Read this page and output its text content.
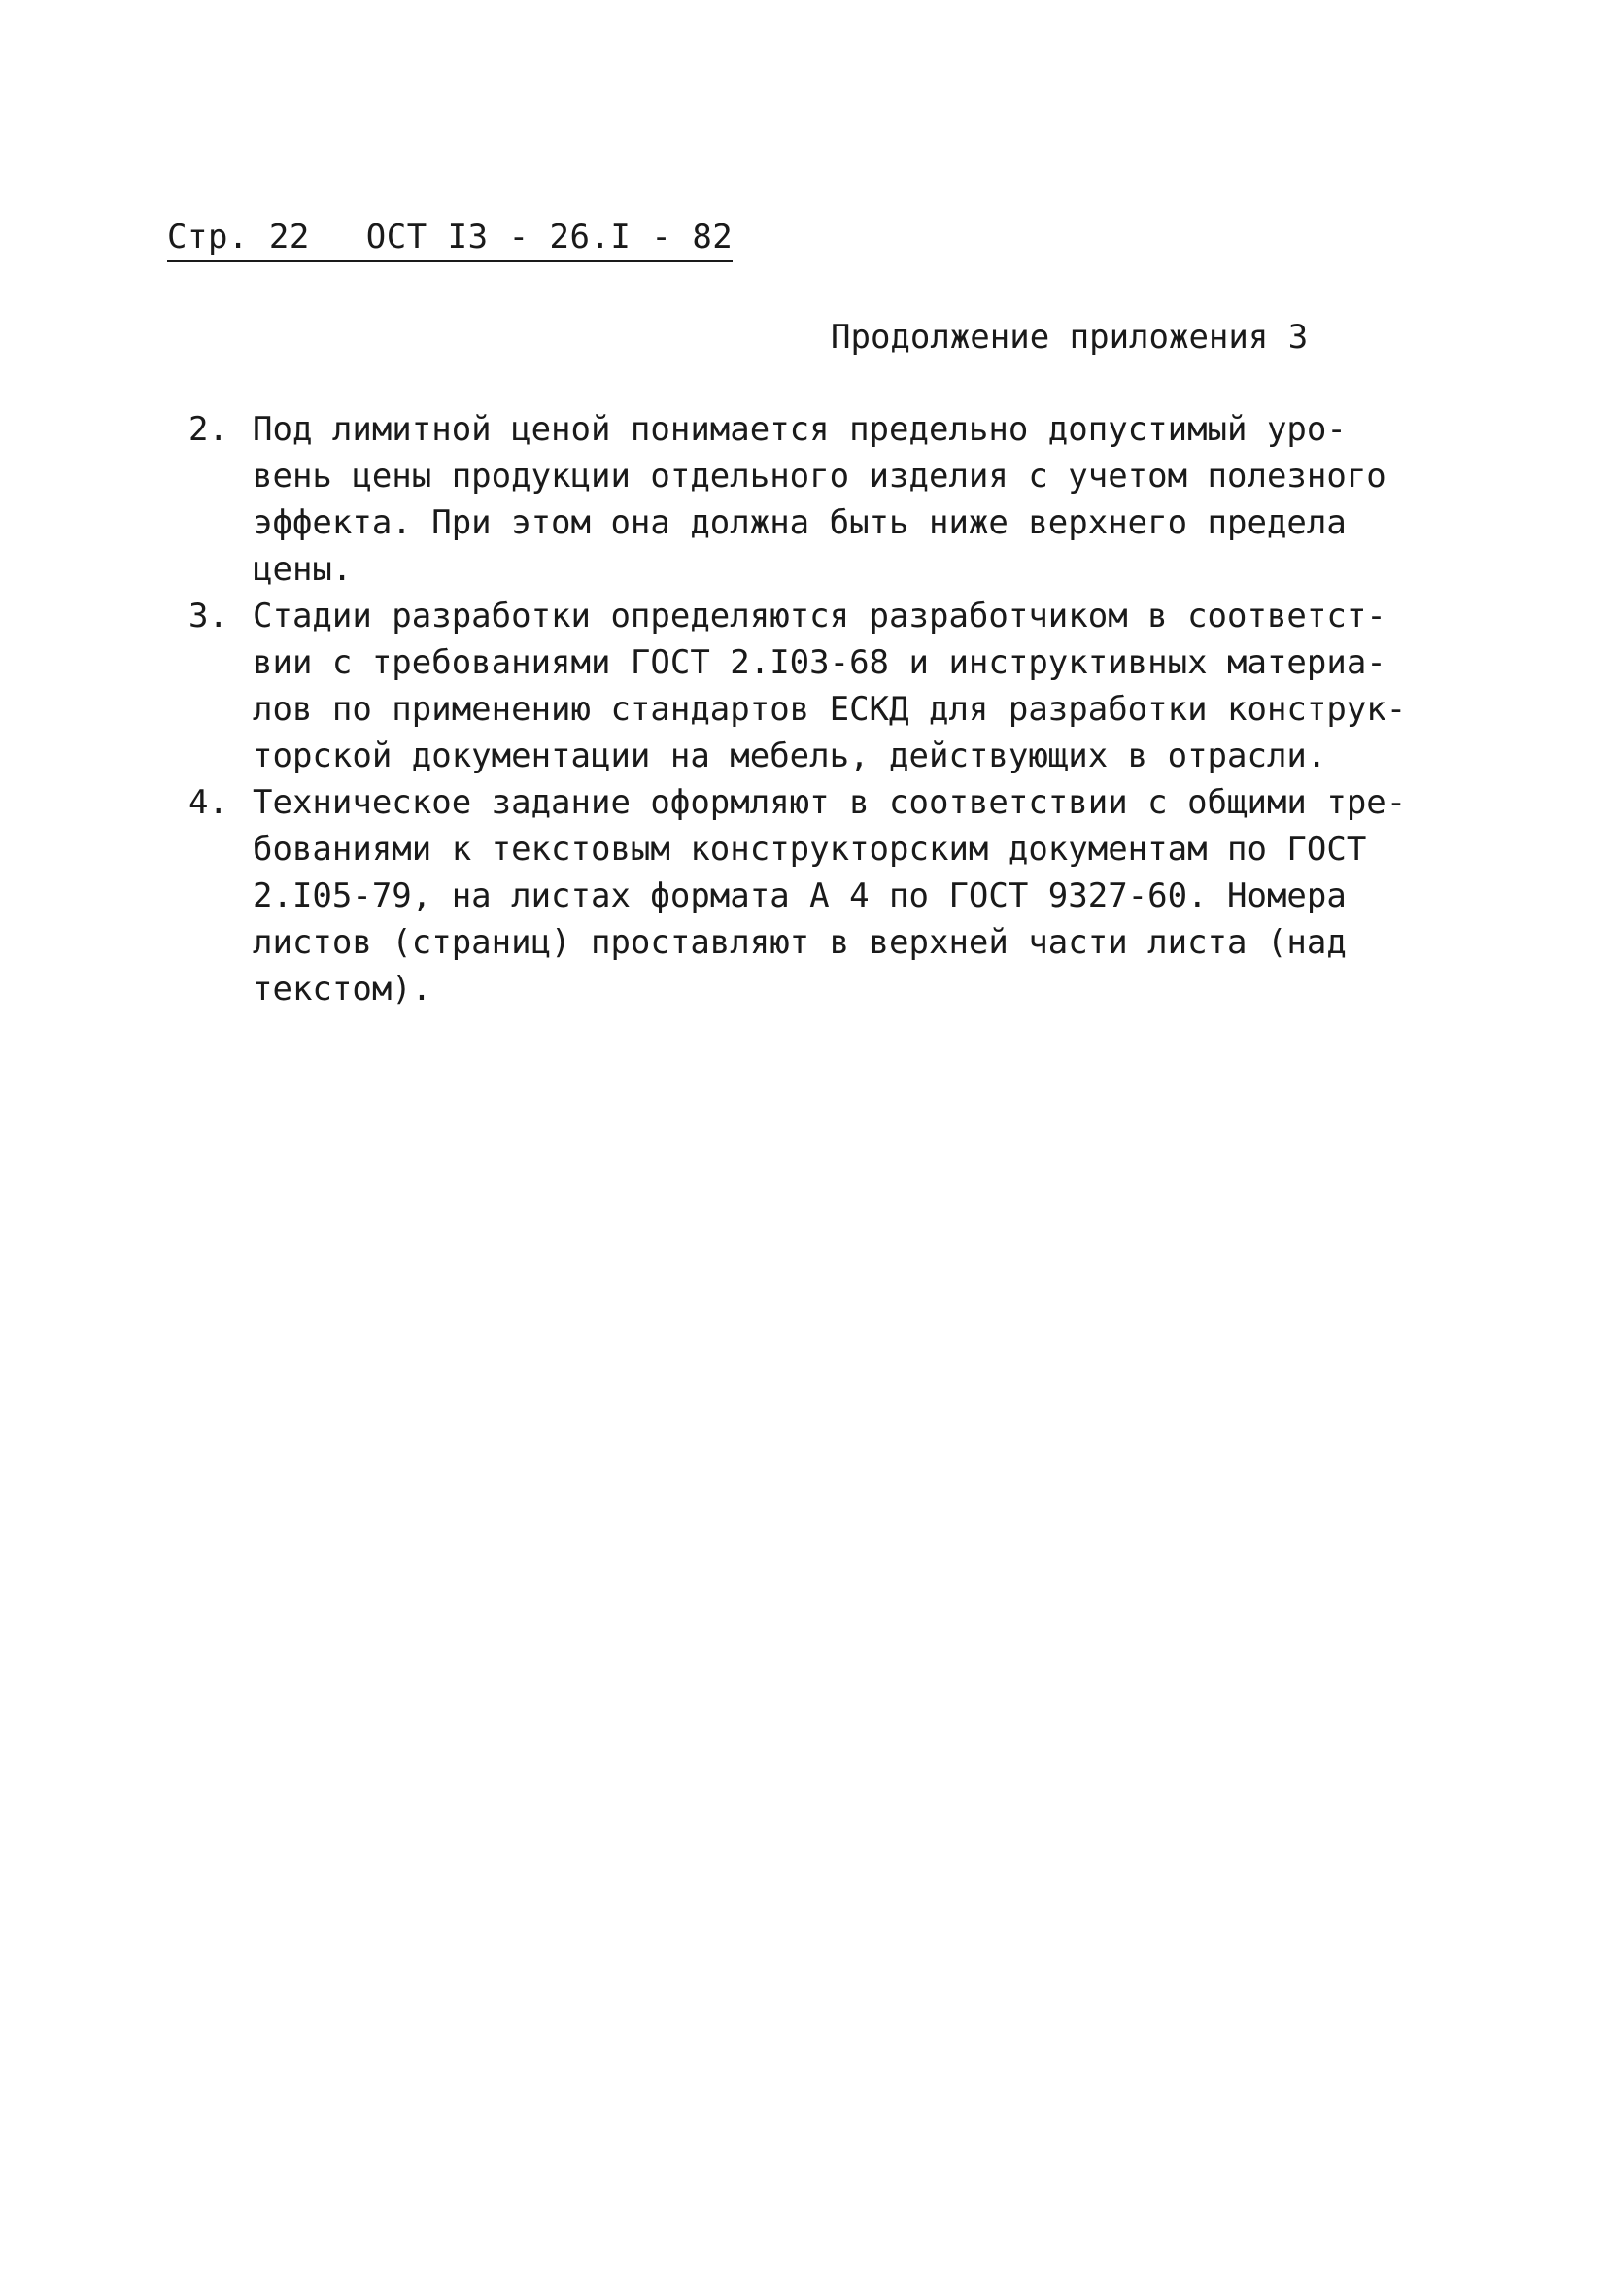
Стр. 22 ОСТ I3 - 26.I - 82
Продолжение приложения 3
2. Под лимитной ценой понимается предельно допустимый уро-
вень цены продукции отдельного изделия с учетом полезного
эффекта. При этом она должна быть ниже верхнего предела
цены.
3. Стадии разработки определяются разработчиком в соответст-
вии с требованиями ГОСТ 2.I03-68 и инструктивных материа-
лов по применению стандартов ЕСКД для разработки конструк-
торской документации на мебель, действующих в отрасли.
4. Техническое задание оформляют в соответствии с общими тре-
бованиями к текстовым конструкторским документам по ГОСТ
2.I05-79, на листах формата А 4 по ГОСТ 9327-60. Номера
листов (страниц) проставляют в верхней части листа (над
текстом).
